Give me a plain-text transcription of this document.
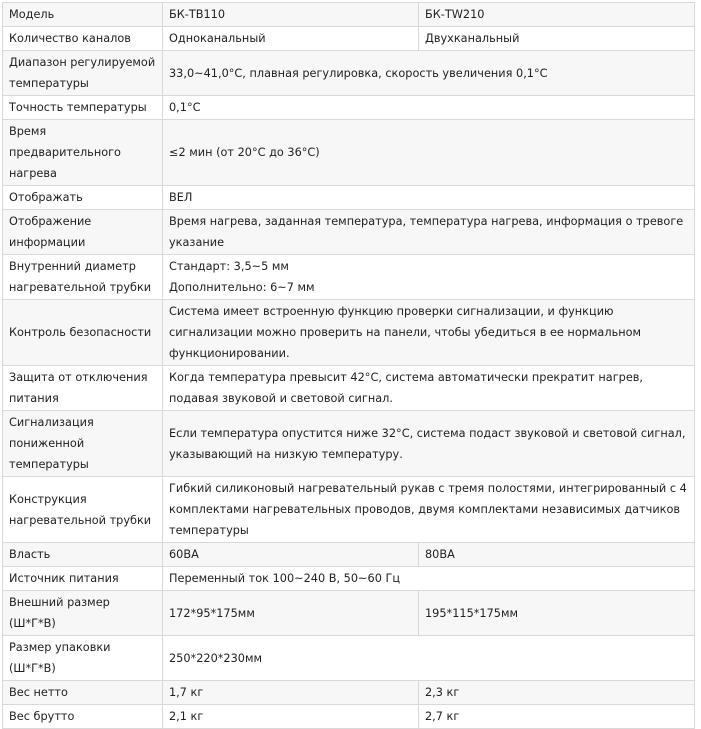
Модель	БК-TB110	БК-TW210
Количество каналов	Одноканальный	Двухканальный
Диапазон регулируемой температуры	33,0~41,0°C, плавная регулировка, скорость увеличения 0,1°C	
Точность температуры	0,1°C	
Время предварительного нагрева	≤2 мин (от 20°C до 36°C)	
Отображать	ВЕЛ	
Отображение информации	Время нагрева, заданная температура, температура нагрева, информация о тревоге указание	
Внутренний диаметр нагревательной трубки	Стандарт: 3,5~5 мм
Дополнительно: 6~7 мм	

Контроль безопасности	Система имеет встроенную функцию проверки сигнализации, и функцию сигнализации можно проверить на панели, чтобы убедиться в ее нормальном функционировании.	
Защита от отключения питания	Когда температура превысит 42°C, система автоматически прекратит нагрев, подавая звуковой и световой сигнал.	
Сигнализация пониженной температуры	Если температура опустится ниже 32°C, система подаст звуковой и световой сигнал, указывающий на низкую температуру.	
Конструкция нагревательной трубки	Гибкий силиконовый нагревательный рукав с тремя полостями, интегрированный с 4 комплектами нагревательных проводов, двумя комплектами независимых датчиков температуры	
Власть	60ВА	80ВА
Источник питания	Переменный ток 100~240 В, 50~60 Гц	
Внешний размер (Ш*Г*В)	172*95*175мм	195*115*175мм
Размер упаковки (Ш*Г*В)	250*220*230мм	
Вес нетто	1,7 кг	2,3 кг
Вес брутто	2,1 кг	2,7 кг
